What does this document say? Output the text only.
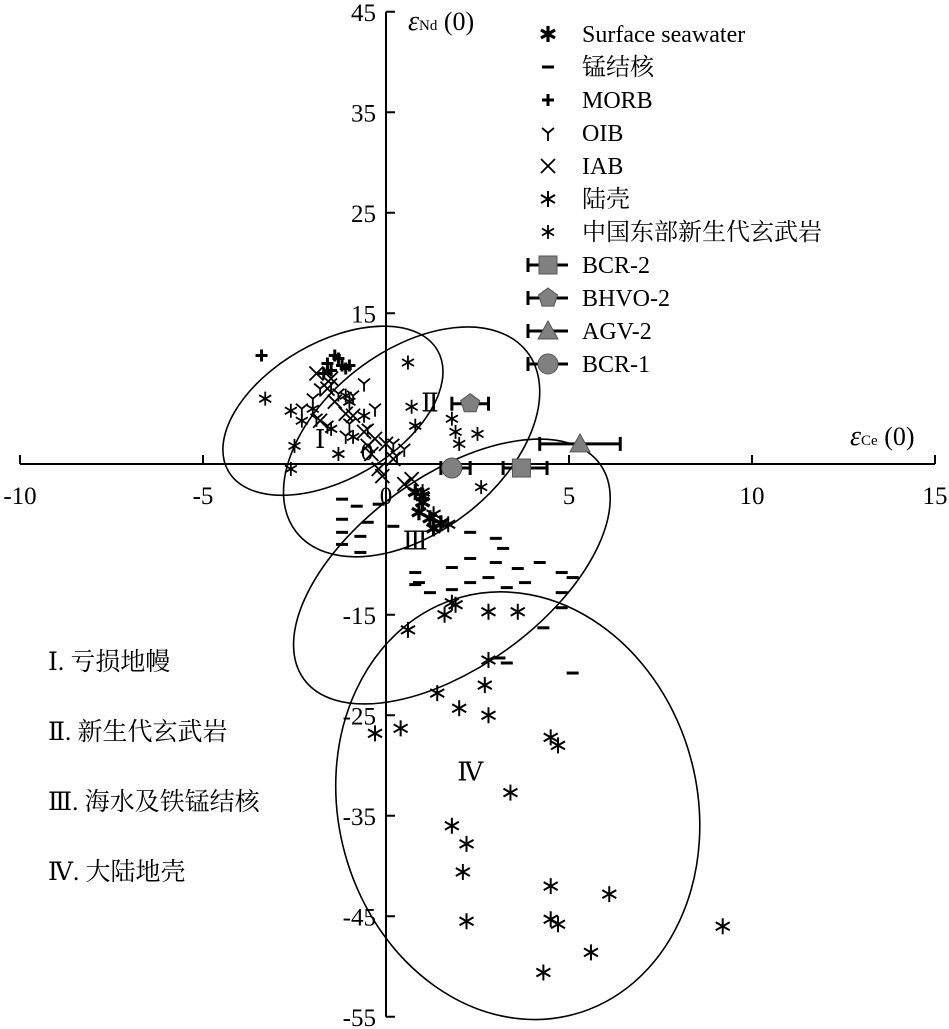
-10	-5	0	5	10	15
-55
-45
-35
-25
-15
15
25
35
45
0
εNd (0)
εCe (0)
Surface seawater
锰结核
MORB
OIB
IAB
陆壳
中国东部新生代玄武岩
BCR-2
BHVO-2
AGV-2
BCR-1
Ⅰ
Ⅱ
Ⅲ
Ⅳ
Ⅰ. 亏损地幔
Ⅱ. 新生代玄武岩
Ⅲ. 海水及铁锰结核
Ⅳ. 大陆地壳
